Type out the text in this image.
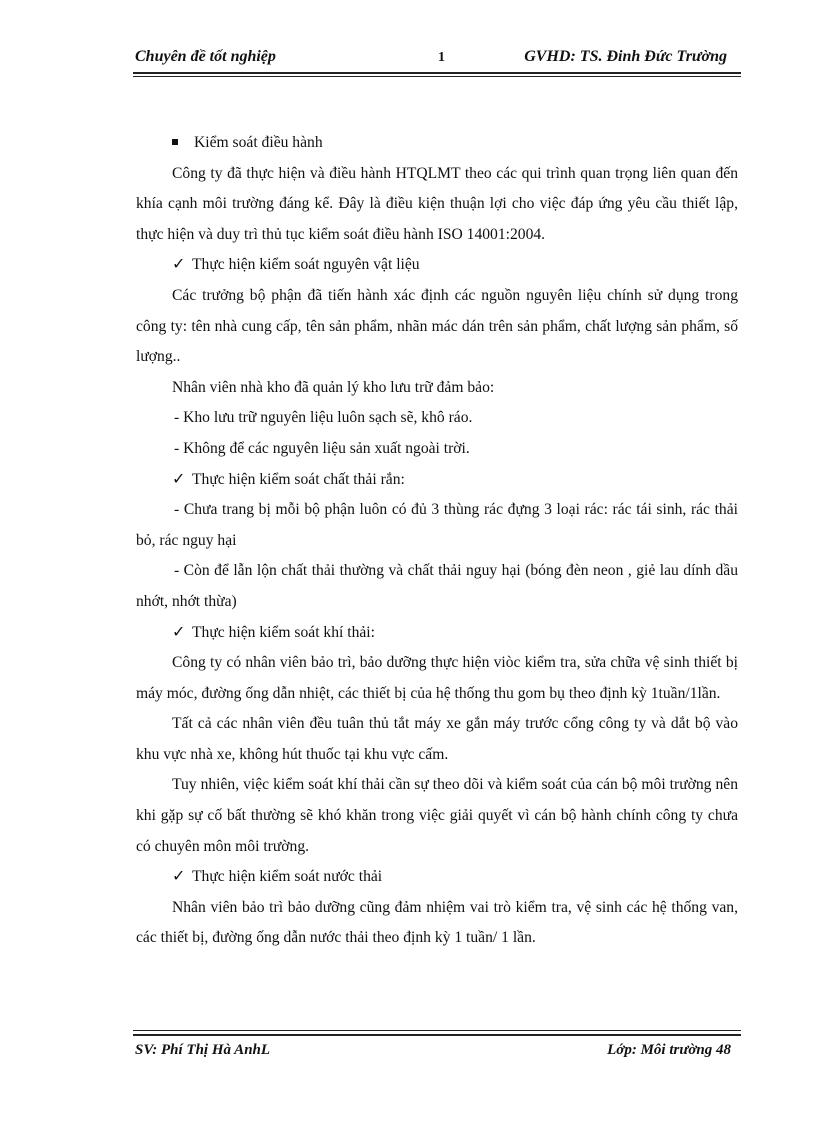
Chuyên đề tốt nghiệp	1	GVHD: TS. Đinh Đức Trường

Kiểm soát điều hành

Công ty đã thực hiện và điều hành HTQLMT theo các qui trình quan trọng liên quan đến khía cạnh môi trường đáng kể. Đây là điều kiện thuận lợi cho việc đáp ứng yêu cầu thiết lập, thực hiện và duy trì thủ tục kiểm soát điều hành ISO 14001:2004.

✓ Thực hiện kiểm soát nguyên vật liệu

Các trưởng bộ phận đã tiến hành xác định các nguồn nguyên liệu chính sử dụng trong công ty: tên nhà cung cấp, tên sản phẩm, nhãn mác dán trên sản phẩm, chất lượng sản phẩm, số lượng..

Nhân viên nhà kho đã quản lý kho lưu trữ đảm bảo:

- Kho lưu trữ nguyên liệu luôn sạch sẽ, khô ráo.

- Không để các nguyên liệu sản xuất ngoài trời.

✓ Thực hiện kiểm soát chất thải rắn:

- Chưa trang bị mỗi bộ phận luôn có đủ 3 thùng rác đựng 3 loại rác: rác tái sinh, rác thải bỏ, rác nguy hại

- Còn để lẫn lộn chất thải thường và chất thải nguy hại (bóng đèn neon , giẻ lau dính dầu nhớt, nhớt thừa)

✓ Thực hiện kiểm soát khí thải:

Công ty có nhân viên bảo trì, bảo dưỡng thực hiện viòc kiểm tra, sửa chữa vệ sinh thiết bị máy móc, đường ống dẫn nhiệt, các thiết bị của hệ thống thu gom bụ theo định kỳ 1tuần/1lần.

Tất cả các nhân viên đều tuân thủ tắt máy xe gắn máy trước cổng công ty và dắt bộ vào khu vực nhà xe, không hút thuốc tại khu vực cấm.

Tuy nhiên, việc kiểm soát khí thải cần sự theo dõi và kiểm soát của cán bộ môi trường nên khi gặp sự cố bất thường sẽ khó khăn trong việc giải quyết vì cán bộ hành chính công ty chưa có chuyên môn môi trường.

✓ Thực hiện kiểm soát nước thải

Nhân viên bảo trì bảo dưỡng cũng đảm nhiệm vai trò kiểm tra, vệ sinh các hệ thống van, các thiết bị, đường ống dẫn nước thải theo định kỳ 1 tuần/ 1 lần.

SV: Phí Thị Hà AnhL	Lớp: Môi trường 48
